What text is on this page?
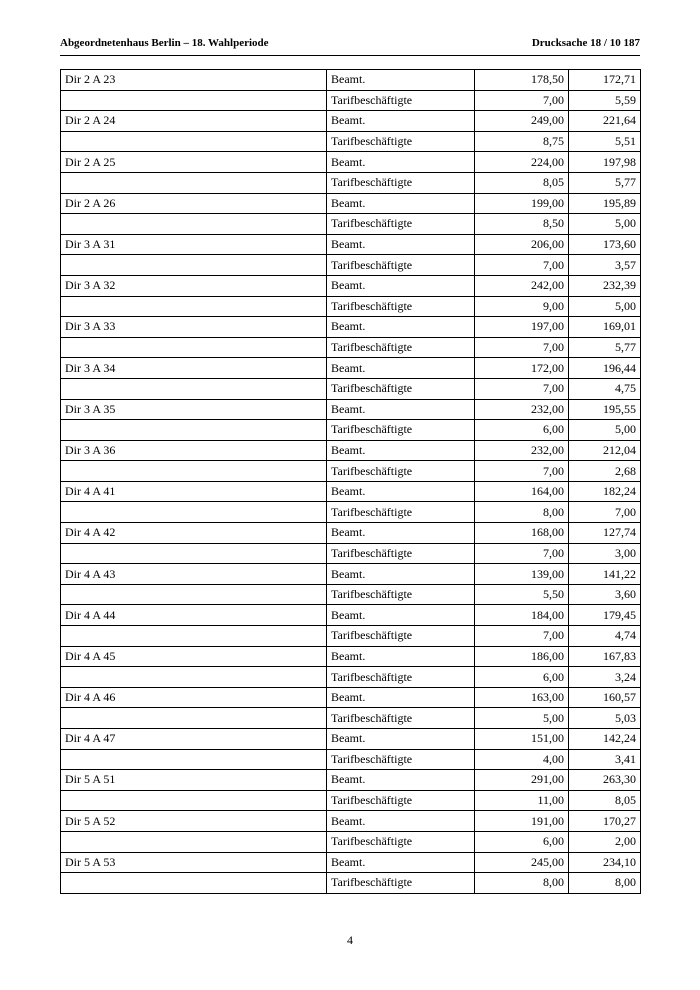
Abgeordnetenhaus Berlin – 18. Wahlperiode	Drucksache 18 / 10 187
Dir 2 A 23	Beamt.	178,50	172,71
	Tarifbeschäftigte	7,00	5,59
Dir 2 A 24	Beamt.	249,00	221,64
	Tarifbeschäftigte	8,75	5,51
Dir 2 A 25	Beamt.	224,00	197,98
	Tarifbeschäftigte	8,05	5,77
Dir 2 A 26	Beamt.	199,00	195,89
	Tarifbeschäftigte	8,50	5,00
Dir 3 A 31	Beamt.	206,00	173,60
	Tarifbeschäftigte	7,00	3,57
Dir 3 A 32	Beamt.	242,00	232,39
	Tarifbeschäftigte	9,00	5,00
Dir 3 A 33	Beamt.	197,00	169,01
	Tarifbeschäftigte	7,00	5,77
Dir 3 A 34	Beamt.	172,00	196,44
	Tarifbeschäftigte	7,00	4,75
Dir 3 A 35	Beamt.	232,00	195,55
	Tarifbeschäftigte	6,00	5,00
Dir 3 A 36	Beamt.	232,00	212,04
	Tarifbeschäftigte	7,00	2,68
Dir 4 A 41	Beamt.	164,00	182,24
	Tarifbeschäftigte	8,00	7,00
Dir 4 A 42	Beamt.	168,00	127,74
	Tarifbeschäftigte	7,00	3,00
Dir 4 A 43	Beamt.	139,00	141,22
	Tarifbeschäftigte	5,50	3,60
Dir 4 A 44	Beamt.	184,00	179,45
	Tarifbeschäftigte	7,00	4,74
Dir 4 A 45	Beamt.	186,00	167,83
	Tarifbeschäftigte	6,00	3,24
Dir 4 A 46	Beamt.	163,00	160,57
	Tarifbeschäftigte	5,00	5,03
Dir 4 A 47	Beamt.	151,00	142,24
	Tarifbeschäftigte	4,00	3,41
Dir 5 A 51	Beamt.	291,00	263,30
	Tarifbeschäftigte	11,00	8,05
Dir 5 A 52	Beamt.	191,00	170,27
	Tarifbeschäftigte	6,00	2,00
Dir 5 A 53	Beamt.	245,00	234,10
	Tarifbeschäftigte	8,00	8,00
4
